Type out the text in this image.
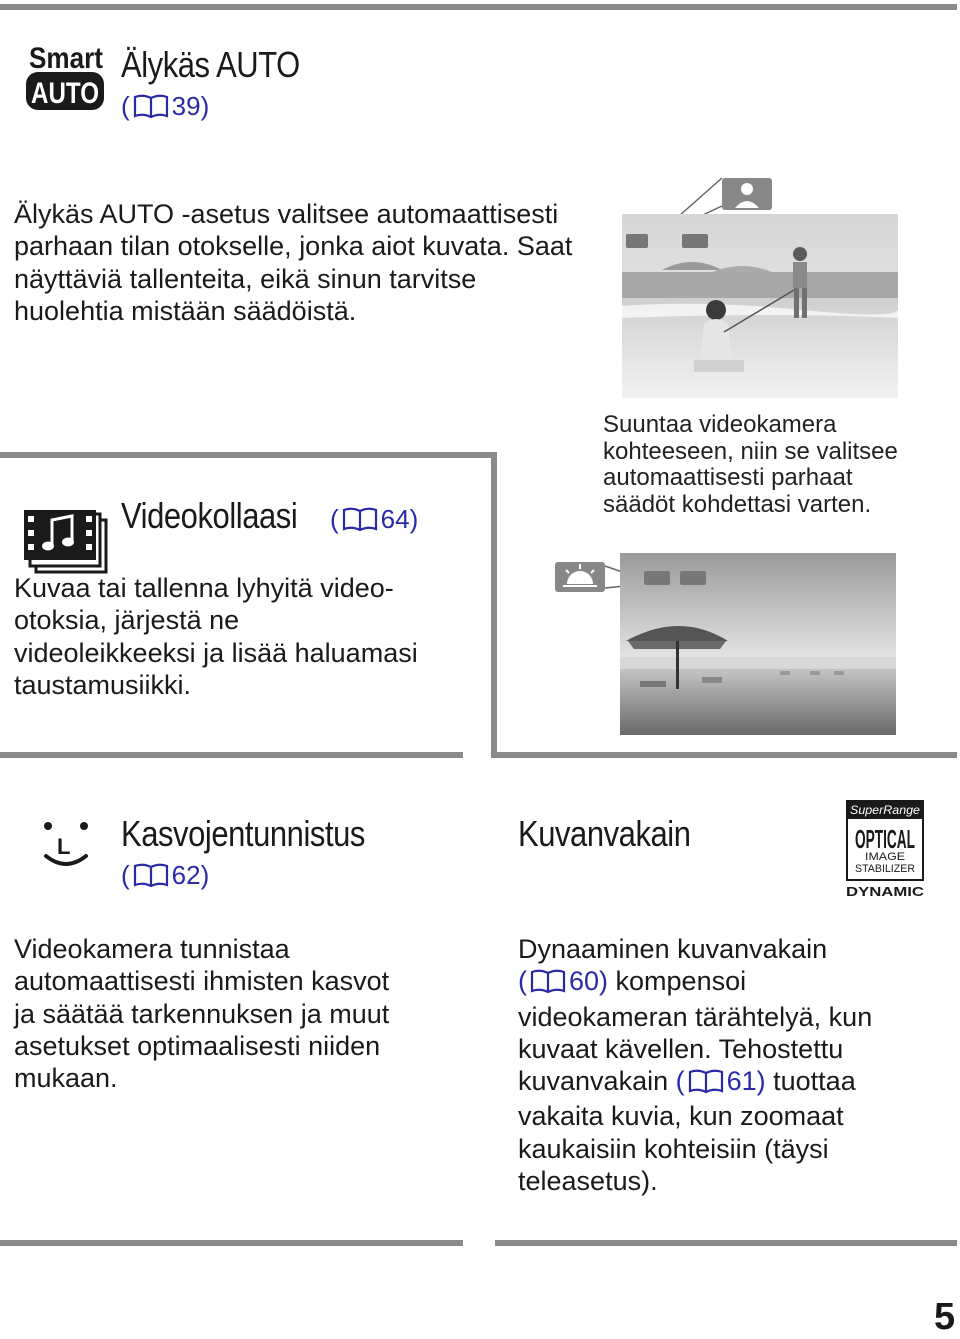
Smart
AUTO
Älykäs AUTO
( 39)
Älykäs AUTO -asetus valitsee automaattisesti parhaan tilan otokselle, jonka aiot kuvata. Saat näyttäviä tallenteita, eikä sinun tarvitse huolehtia mistään säädöistä.
Suuntaa videokamera
kohteeseen, niin se valitsee
automaattisesti parhaat
säädöt kohdettasi varten.
Videokollaasi ( 64)

Kuvaa tai tallenna lyhyitä video-

otoksia, järjestä ne

videoleikkeeksi ja lisää haluamasi

taustamusiikki.

L Kasvojentunnistus
( 62)

Videokamera tunnistaa

automaattisesti ihmisten kasvot

ja säätää tarkennuksen ja muut

asetukset optimaalisesti niiden

mukaan.

Kuvanvakain
SuperRange
OPTICAL
IMAGE
STABILIZER
DYNAMIC

Dynaaminen kuvanvakain

( 60) kompensoi

videokameran tärähtelyä, kun

kuvaat kävellen. Tehostettu

kuvanvakain ( 61) tuottaa

vakaita kuvia, kun zoomaat

kaukaisiin kohteisiin (täysi

teleasetus).

5
